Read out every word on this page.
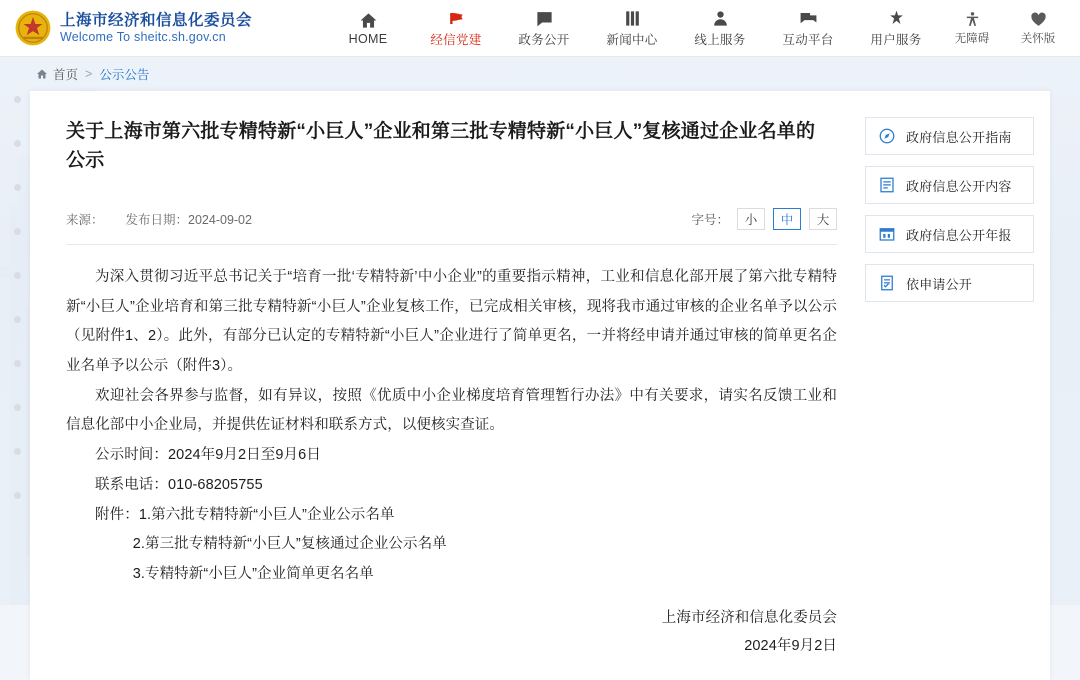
上海市经济和信息化委员会
Welcome To sheitc.sh.gov.cn	HOME	经信党建	政务公开	新闻中心	线上服务	互动平台	用户服务	无障碍	关怀版
首页 > 公示公告
关于上海市第六批专精特新“小巨人”企业和第三批专精特新“小巨人”复核通过企业名单的公示
来源： 发布日期：2024-09-02	字号：	小	中	大

为深入贯彻习近平总书记关于“培育一批‘专精特新’中小企业”的重要指示精神，工业和信息化部开展了第六批专精特新“小巨人”企业培育和第三批专精特新“小巨人”企业复核工作，已完成相关审核，现将我市通过审核的企业名单予以公示（见附件1、2）。此外，有部分已认定的专精特新“小巨人”企业进行了简单更名，一并将经申请并通过审核的简单更名企业名单予以公示（附件3）。

欢迎社会各界参与监督，如有异议，按照《优质中小企业梯度培育管理暂行办法》中有关要求，请实名反馈工业和信息化部中小企业局，并提供佐证材料和联系方式，以便核实查证。

公示时间：2024年9月2日至9月6日

联系电话：010-68205755

附件：1.第六批专精特新“小巨人”企业公示名单

2.第三批专精特新“小巨人”复核通过企业公示名单

3.专精特新“小巨人”企业简单更名名单

上海市经济和信息化委员会
2024年9月2日
政府信息公开指南
政府信息公开内容
政府信息公开年报
依申请公开
